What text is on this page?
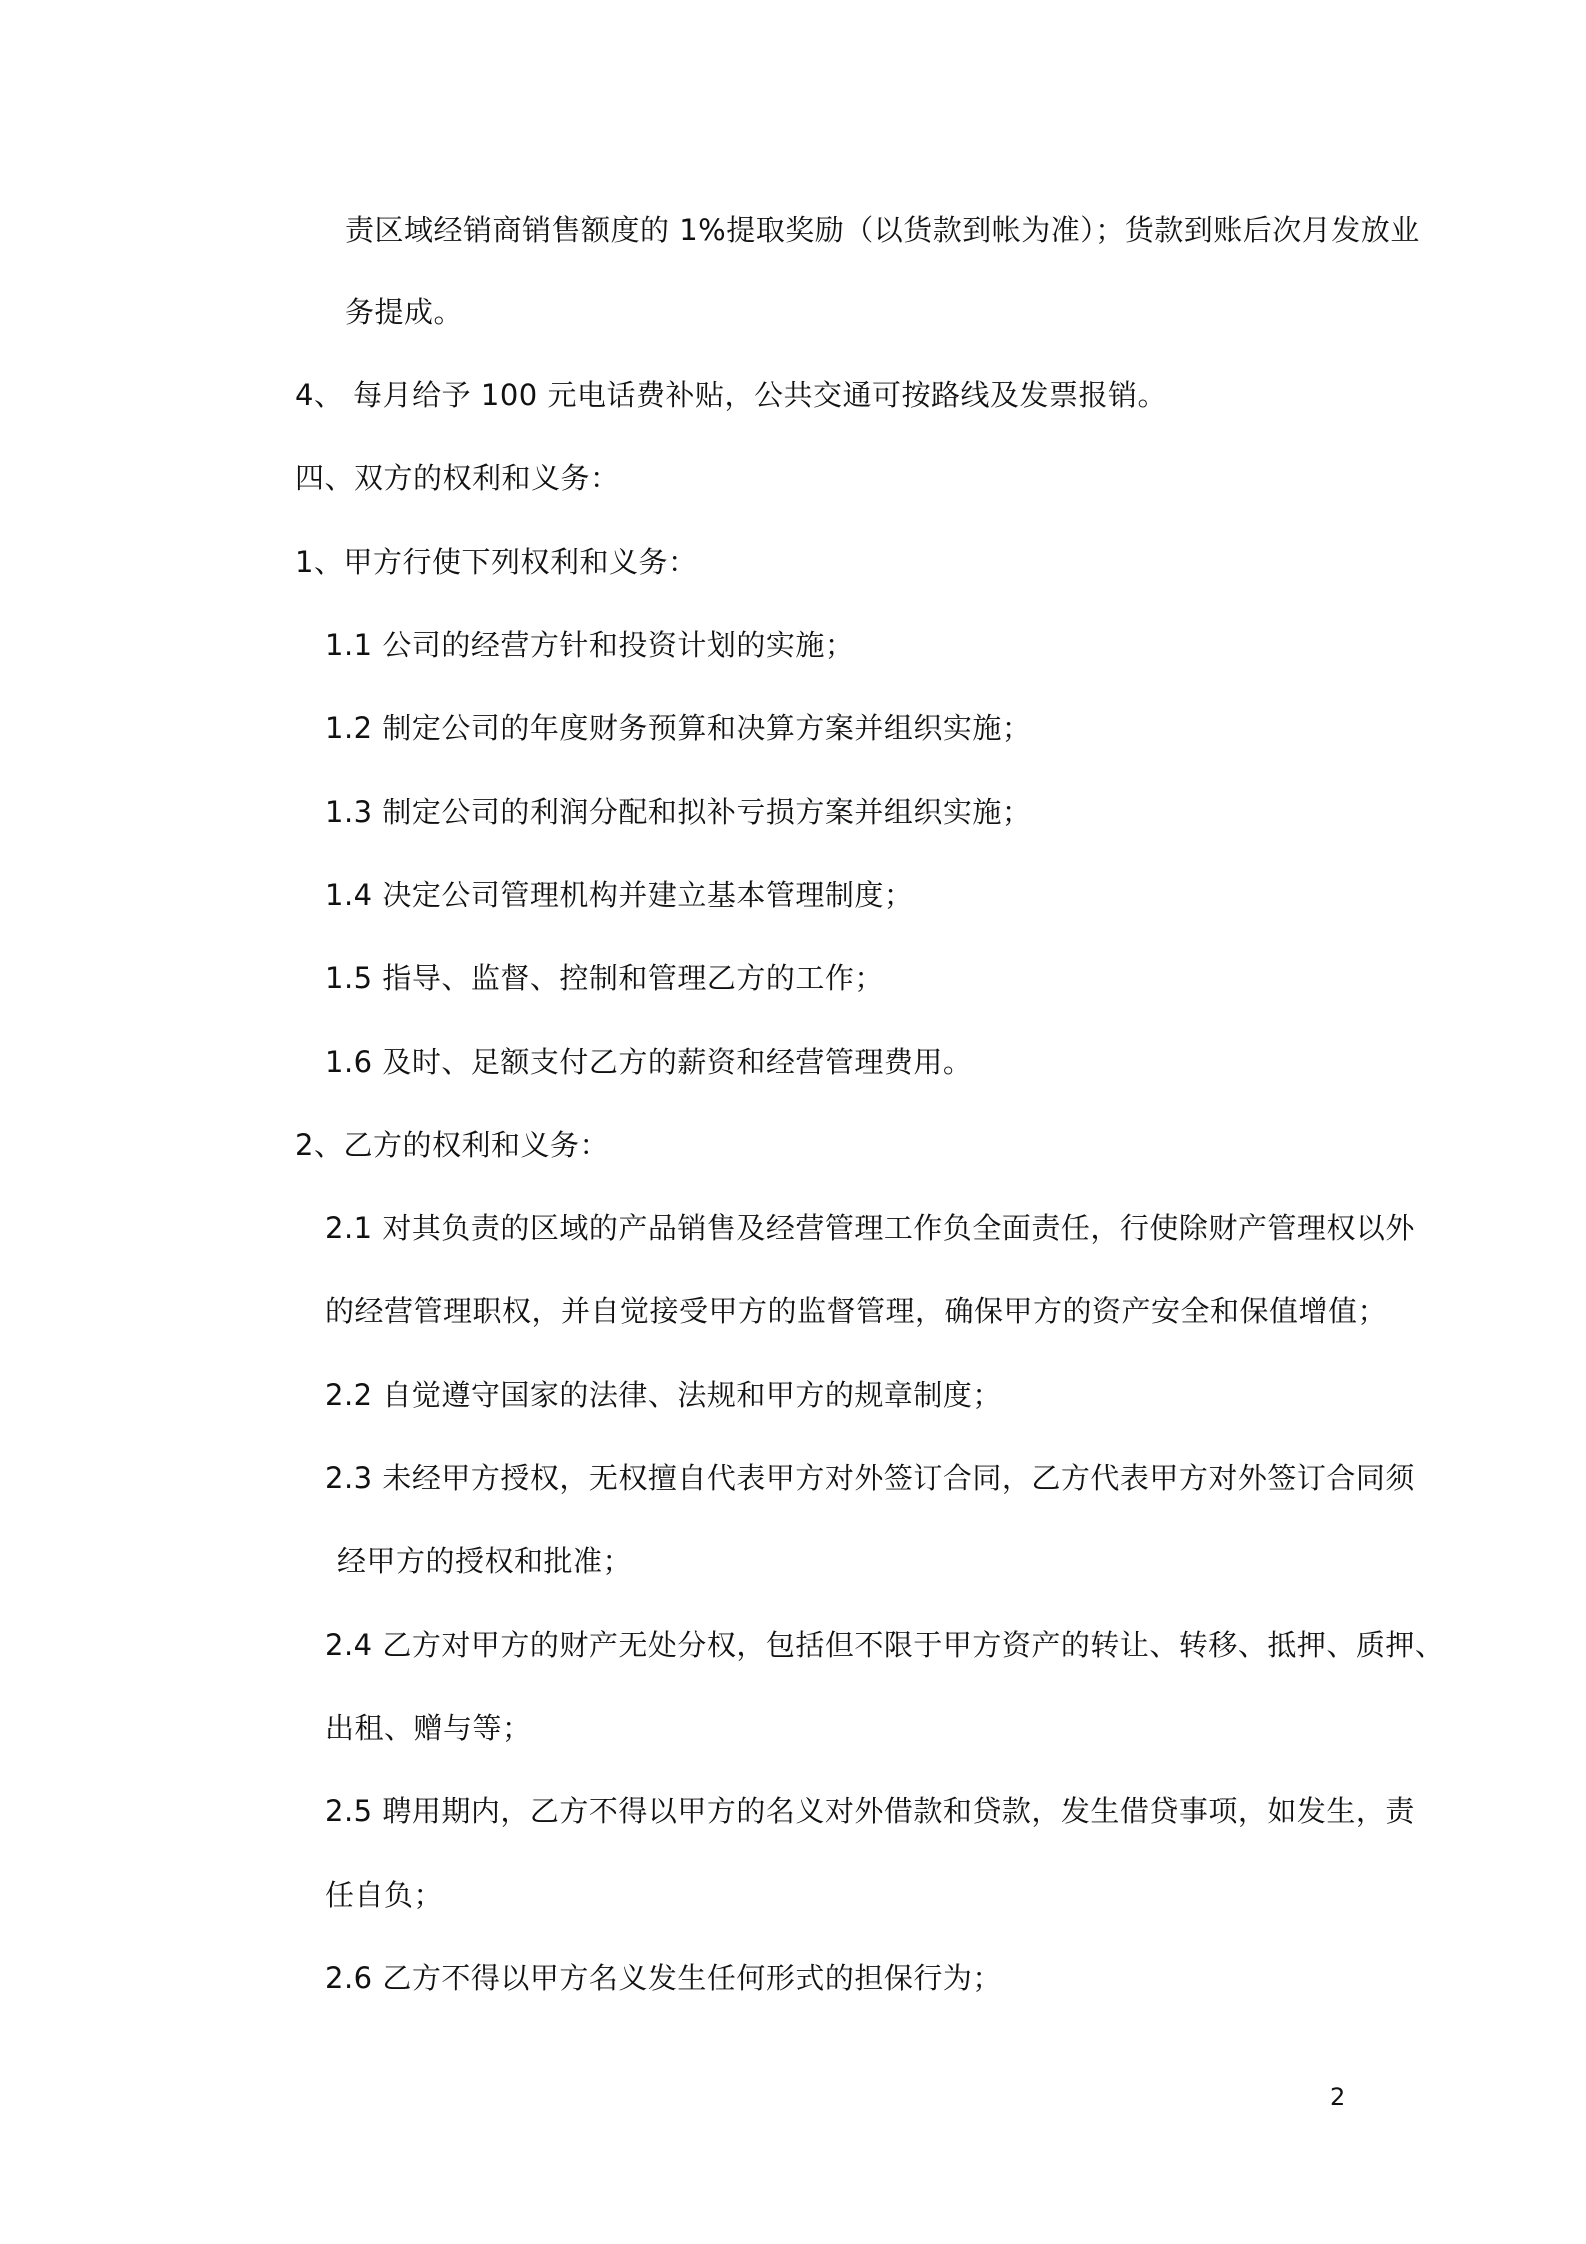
责区域经销商销售额度的 1%提取奖励（以货款到帐为准）；货款到账后次月发放业
务提成。
4、 每月给予 100 元电话费补贴，公共交通可按路线及发票报销。
四、双方的权利和义务：
1、甲方行使下列权利和义务：
1.1 公司的经营方针和投资计划的实施；
1.2 制定公司的年度财务预算和决算方案并组织实施；
1.3 制定公司的利润分配和拟补亏损方案并组织实施；
1.4 决定公司管理机构并建立基本管理制度；
1.5 指导、监督、控制和管理乙方的工作；
1.6 及时、足额支付乙方的薪资和经营管理费用。
2、乙方的权利和义务：
2.1 对其负责的区域的产品销售及经营管理工作负全面责任，行使除财产管理权以外
的经营管理职权，并自觉接受甲方的监督管理，确保甲方的资产安全和保值增值；
2.2 自觉遵守国家的法律、法规和甲方的规章制度；
2.3 未经甲方授权，无权擅自代表甲方对外签订合同，乙方代表甲方对外签订合同须
经甲方的授权和批准；
2.4 乙方对甲方的财产无处分权，包括但不限于甲方资产的转让、转移、抵押、质押、
出租、赠与等；
2.5 聘用期内，乙方不得以甲方的名义对外借款和贷款，发生借贷事项，如发生，责
任自负；
2.6 乙方不得以甲方名义发生任何形式的担保行为；
2
